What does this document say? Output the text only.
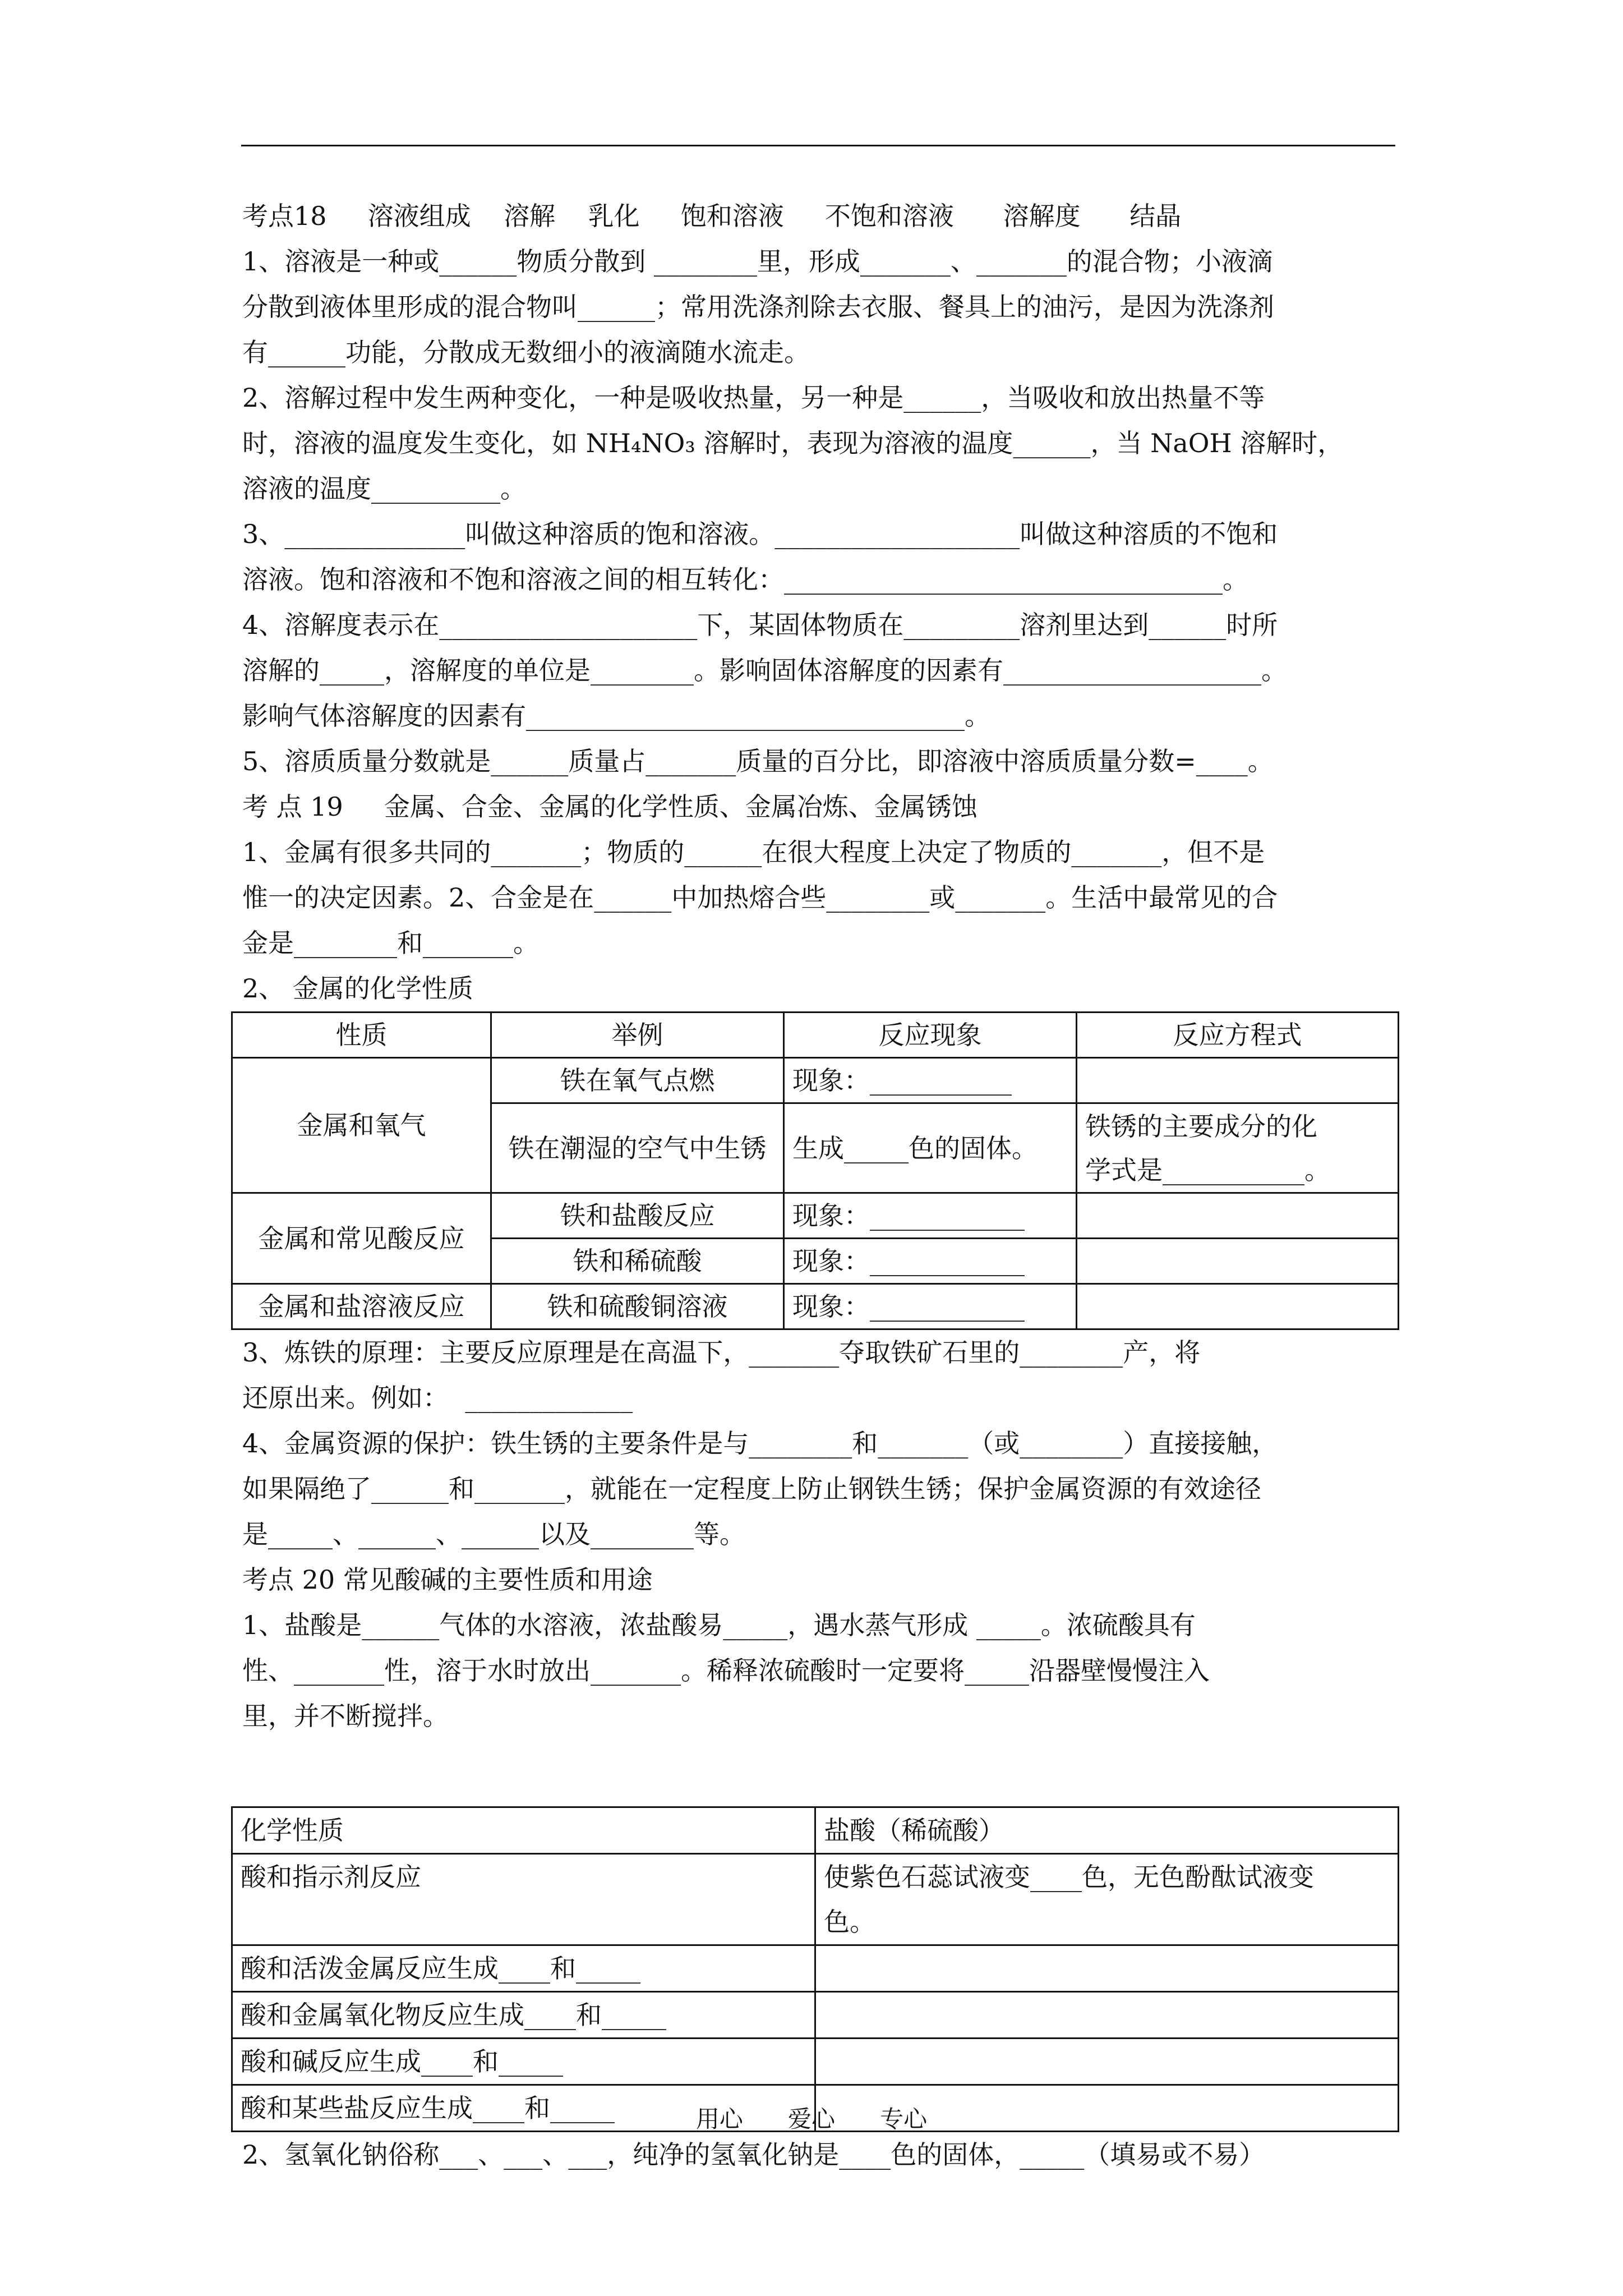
考点18     溶液组成    溶解    乳化     饱和溶液     不饱和溶液      溶解度      结晶

1、溶液是一种或______物质分散到 ________里，形成_______、_______的混合物；小液滴

分散到液体里形成的混合物叫______；常用洗涤剂除去衣服、餐具上的油污，是因为洗涤剂

有______功能，分散成无数细小的液滴随水流走。

2、溶解过程中发生两种变化，一种是吸收热量，另一种是______，当吸收和放出热量不等

时，溶液的温度发生变化，如 NH₄NO₃ 溶解时，表现为溶液的温度______，当 NaOH 溶解时，

溶液的温度__________。

3、______________叫做这种溶质的饱和溶液。___________________叫做这种溶质的不饱和

溶液。饱和溶液和不饱和溶液之间的相互转化：__________________________________。

4、溶解度表示在____________________下，某固体物质在_________溶剂里达到______时所

溶解的_____，溶解度的单位是________。影响固体溶解度的因素有____________________。

影响气体溶解度的因素有__________________________________。

5、溶质质量分数就是______质量占_______质量的百分比，即溶液中溶质质量分数=____。

考 点 19     金属、合金、金属的化学性质、金属冶炼、金属锈蚀

1、金属有很多共同的_______；物质的______在很大程度上决定了物质的_______，但不是

惟一的决定因素。2、合金是在______中加热熔合些________或_______。生活中最常见的合

金是________和_______。

2、 金属的化学性质

性质	举例	反应现象	反应方程式
金属和氧气	铁在氧气点燃	现象：___________	
	铁在潮湿的空气中生锈	生成_____色的固体。	铁锈的主要成分的化
学式是___________。

金属和常见酸反应	铁和盐酸反应	现象：____________	
	铁和稀硫酸	现象：____________	
金属和盐溶液反应	铁和硫酸铜溶液	现象：____________	

3、炼铁的原理：主要反应原理是在高温下，_______夺取铁矿石里的________产，将

还原出来。例如：  _____________

4、金属资源的保护：铁生锈的主要条件是与________和_______（或________）直接接触，

如果隔绝了______和_______，就能在一定程度上防止钢铁生锈；保护金属资源的有效途径

是_____、______、______以及________等。

考点 20 常见酸碱的主要性质和用途

1、盐酸是______气体的水溶液，浓盐酸易_____，遇水蒸气形成 _____。浓硫酸具有

性、_______性，溶于水时放出_______。稀释浓硫酸时一定要将_____沿器壁慢慢注入

里，并不断搅拌。

化学性质	盐酸（稀硫酸）
酸和指示剂反应	使紫色石蕊试液变____色，无色酚酞试液变
色。

酸和活泼金属反应生成____和_____	
酸和金属氧化物反应生成____和_____	
酸和碱反应生成____和_____	
酸和某些盐反应生成____和_____	

2、氢氧化钠俗称___、___、___，纯净的氢氧化钠是____色的固体，_____（填易或不易）

用心      爱心      专心
